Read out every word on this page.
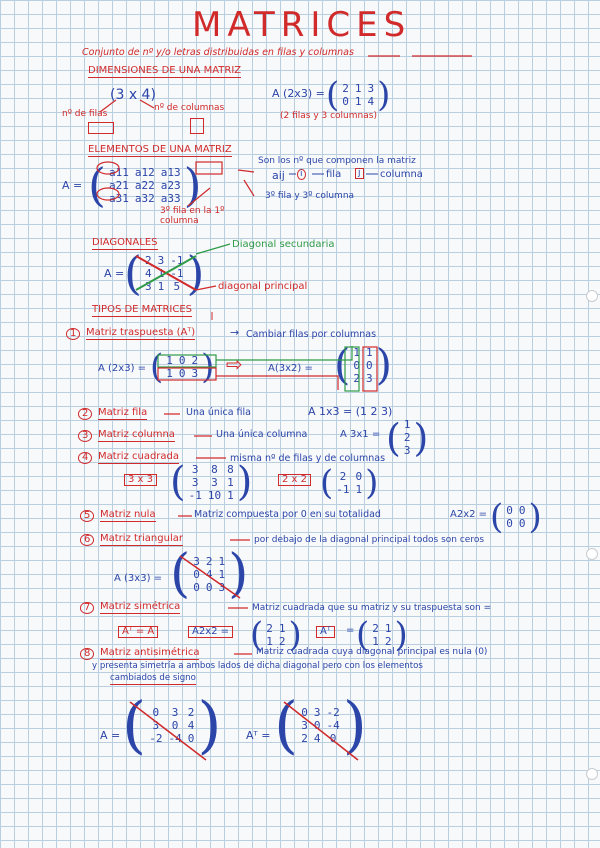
MATRICES
Conjunto de nº y/o letras distribuidas en filas y columnas
DIMENSIONES DE UNA MATRIZ
(3 x 4)
nº de filas
nº de columnas
A (2x3) = ( 2	1	3
0	1	4 )
(2 filas y 3 columnas)
ELEMENTOS DE UNA MATRIZ
A = ( a11	a12	a13
a21	a22	a23
a31	a32	a33 )	Son los nº que componen la matriz
aij	i	fila	j	columna
3º fila y 3º columna
3º fila en la 1º columna
DIAGONALES
A = ( 2	3	-1
4	1	-1
3	1	5 )
Diagonal secundaria
diagonal principal
TIPOS DE MATRICES
1 Matriz traspuesta (Aᵀ)	→ Cambiar filas por columnas
A (2x3) = ( 1	0	2
1	0	3 ) ⇨	A(3x2) = ( 1	1
0	0
2	3 )
2 Matriz fila	Una única fila	A 1x3 = (1 2 3)
3 Matriz columna	Una única columna	A 3x1 = ( 1
2
3 )
4 Matriz cuadrada	misma nº de filas y de columnas
3 x 3 ( 3	8	8
3	3	1
-1	10	1 )	2 x 2 ( 2	0
-1	1 )
5 Matriz nula	Matriz compuesta por 0 en su totalidad	A2x2 = ( 0	0
0	0 )
6 Matriz triangular	por debajo de la diagonal principal todos son ceros
A (3x3) = ( 3	2	1
0	4	1
0	0	3 )
7 Matriz simétrica	Matriz cuadrada que su matriz y su traspuesta son =
Aᵀ = A	A2x2 = ( 2	1
1	2 )	Aᵀ	= ( 2	1
1	2 )
8 Matriz antisimétrica	Matriz cuadrada cuya diagonal principal es nula (0)
y presenta simetría a ambos lados de dicha diagonal pero con los elementos
cambiados de signo
A = ( 0	3	2
3	0	4
-2	-4	0 ) Aᵀ = ( 0	3	-2
3	0	-4
2	4	0 )
